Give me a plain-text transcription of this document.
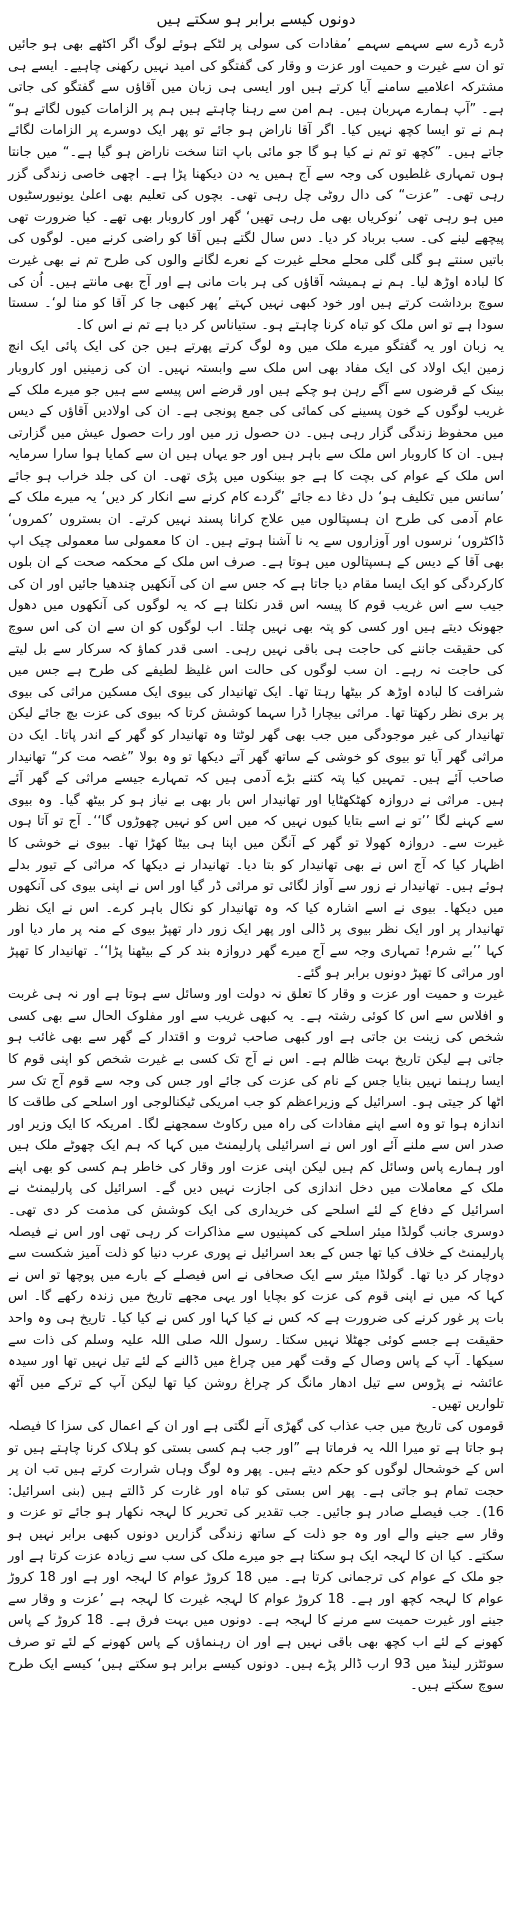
دونوں کیسے برابر ہو سکتے ہیں

ڈرے ڈرے سے سہمے سہمے ’مفادات کی سولی پر لٹکے ہوئے لوگ اگر اکٹھے بھی ہو جائیں تو ان سے غیرت و حمیت اور عزت و وقار کی گفتگو کی امید نہیں رکھنی چاہیے۔ ایسے ہی مشترکہ اعلامیے سامنے آیا کرتے ہیں اور ایسی ہی زبان میں آقاؤں سے گفتگو کی جاتی ہے۔ ”آپ ہمارے مہربان ہیں۔ ہم امن سے رہنا چاہتے ہیں ہم پر الزامات کیوں لگاتے ہو“ ہم نے تو ایسا کچھ نہیں کیا۔ اگر آقا ناراض ہو جائے تو پھر ایک دوسرے پر الزامات لگائے جاتے ہیں۔ ”کچھ تو تم نے کیا ہو گا جو مائی باپ اتنا سخت ناراض ہو گیا ہے۔“ میں جانتا ہوں تمہاری غلطیوں کی وجہ سے آج ہمیں یہ دن دیکھنا پڑا ہے۔ اچھی خاصی زندگی گزر رہی تھی۔ ”عزت“ کی دال روٹی چل رہی تھی۔ بچوں کی تعلیم بھی اعلیٰ یونیورسٹیوں میں ہو رہی تھی ’نوکریاں بھی مل رہی تھیں‘ گھر اور کاروبار بھی تھے۔ کیا ضرورت تھی پیچھے لینے کی۔ سب برباد کر دیا۔ دس سال لگتے ہیں آقا کو راضی کرنے میں۔ لوگوں کی باتیں سنتے ہو گلی گلی محلے محلے غیرت کے نعرے لگانے والوں کی طرح تم نے بھی غیرت کا لبادہ اوڑھ لیا۔ ہم نے ہمیشہ آقاؤں کی ہر بات مانی ہے اور آج بھی مانتے ہیں۔ اُن کی سوچ برداشت کرتے ہیں اور خود کبھی نہیں کہتے ’پھر کبھی جا کر آقا کو منا لو‘۔ سستا سودا ہے تو اس ملک کو تباہ کرنا چاہتے ہو۔ ستیاناس کر دیا ہے تم نے اس کا۔

یہ زبان اور یہ گفتگو میرے ملک میں وہ لوگ کرتے پھرتے ہیں جن کی ایک پائی ایک انچ زمین ایک اولاد کی ایک مفاد بھی اس ملک سے وابستہ نہیں۔ ان کی زمینیں اور کاروبار بینک کے قرضوں سے آگے رہن ہو چکے ہیں اور قرضے اس پیسے سے ہیں جو میرے ملک کے غریب لوگوں کے خون پسینے کی کمائی کی جمع پونجی ہے۔ ان کی اولادیں آقاؤں کے دیس میں محفوظ زندگی گزار رہی ہیں۔ دن حصول زر میں اور رات حصول عیش میں گزارتی ہیں۔ ان کا کاروبار اس ملک سے باہر ہیں اور جو یہاں ہیں ان سے کمایا ہوا سارا سرمایہ اس ملک کے عوام کی بچت کا ہے جو بینکوں میں پڑی تھی۔ ان کی جلد خراب ہو جائے ’سانس میں تکلیف ہو‘ دل دغا دے جائے ’گردے کام کرنے سے انکار کر دیں‘ یہ میرے ملک کے عام آدمی کی طرح ان ہسپتالوں میں علاج کرانا پسند نہیں کرتے۔ ان بستروں ’کمروں‘ ڈاکٹروں‘ نرسوں اور آوزاروں سے یہ نا آشنا ہوتے ہیں۔ ان کا معمولی سا معمولی چیک اپ بھی آقا کے دیس کے ہسپتالوں میں ہوتا ہے۔ صرف اس ملک کے محکمہ صحت کے ان بلوں کارکردگی کو ایک ایسا مقام دیا جاتا ہے کہ جس سے ان کی آنکھیں چندھیا جائیں اور ان کی جیب سے اس غریب قوم کا پیسہ اس قدر نکلتا ہے کہ یہ لوگوں کی آنکھوں میں دھول جھونک دیتے ہیں اور کسی کو پتہ بھی نہیں چلتا۔ اب لوگوں کو ان سے ان کی اس سوچ کی حقیقت جاننے کی حاجت ہی باقی نہیں رہی۔ اسی قدر کماؤ کہ سرکار سے بل لیتے کی حاجت نہ رہے۔ ان سب لوگوں کی حالت اس غلیظ لطیفے کی طرح ہے جس میں شرافت کا لبادہ اوڑھ کر بیٹھا رہتا تھا۔ ایک تھانیدار کی بیوی ایک مسکین مراثی کی بیوی پر بری نظر رکھتا تھا۔ مراثی بیچارا ڈرا سہما کوشش کرتا کہ بیوی کی عزت بچ جائے لیکن تھانیدار کی غیر موجودگی میں جب بھی گھر لوٹتا وہ تھانیدار کو گھر کے اندر پاتا۔ ایک دن مراثی گھر آیا تو بیوی کو خوشی کے ساتھ گھر آتے دیکھا تو وہ بولا ”غصہ مت کر“ تھانیدار صاحب آئے ہیں۔ تمہیں کیا پتہ کتنے بڑے آدمی ہیں کہ تمہارے جیسے مراثی کے گھر آئے ہیں۔ مراثی نے دروازہ کھٹکھٹایا اور تھانیدار اس بار بھی بے نیاز ہو کر بیٹھ گیا۔ وہ بیوی سے کہنے لگا ’’تو نے اسے بتایا کیوں نہیں کہ میں اس کو نہیں چھوڑوں گا‘‘۔ آج تو آتا ہوں غیرت سے۔ دروازہ کھولا تو گھر کے آنگن میں اپنا ہی بیٹا کھڑا تھا۔ بیوی نے خوشی کا اظہار کیا کہ آج اس نے بھی تھانیدار کو بتا دیا۔ تھانیدار نے دیکھا کہ مراثی کے تیور بدلے ہوئے ہیں۔ تھانیدار نے زور سے آواز لگائی تو مراثی ڈر گیا اور اس نے اپنی بیوی کی آنکھوں میں دیکھا۔ بیوی نے اسے اشارہ کیا کہ وہ تھانیدار کو نکال باہر کرے۔ اس نے ایک نظر تھانیدار پر اور ایک نظر بیوی پر ڈالی اور پھر ایک زور دار تھپڑ بیوی کے منہ پر مار دیا اور کہا ’’بے شرم! تمہاری وجہ سے آج میرے گھر دروازہ بند کر کے بیٹھنا پڑا‘‘۔ تھانیدار کا تھپڑ اور مراثی کا تھپڑ دونوں برابر ہو گئے۔

غیرت و حمیت اور عزت و وقار کا تعلق نہ دولت اور وسائل سے ہوتا ہے اور نہ ہی غربت و افلاس سے اس کا کوئی رشتہ ہے۔ یہ کبھی غریب سے اور مفلوک الحال سے بھی کسی شخص کی زینت بن جاتی ہے اور کبھی صاحب ثروت و اقتدار کے گھر سے بھی غائب ہو جاتی ہے لیکن تاریخ بہت ظالم ہے۔ اس نے آج تک کسی بے غیرت شخص کو اپنی قوم کا ایسا رہنما نہیں بنایا جس کے نام کی عزت کی جائے اور جس کی وجہ سے قوم آج تک سر اٹھا کر جیتی ہو۔ اسرائیل کے وزیراعظم کو جب امریکی ٹیکنالوجی اور اسلحے کی طاقت کا اندازہ ہوا تو وہ اسے اپنے مفادات کی راہ میں رکاوٹ سمجھنے لگا۔ امریکہ کا ایک وزیر اور صدر اس سے ملنے آئے اور اس نے اسرائیلی پارلیمنٹ میں کہا کہ ہم ایک چھوٹے ملک ہیں اور ہمارے پاس وسائل کم ہیں لیکن اپنی عزت اور وقار کی خاطر ہم کسی کو بھی اپنے ملک کے معاملات میں دخل اندازی کی اجازت نہیں دیں گے۔ اسرائیل کی پارلیمنٹ نے اسرائیل کے دفاع کے لئے اسلحے کی خریداری کی ایک کوشش کی مذمت کر دی تھی۔ دوسری جانب گولڈا میئر اسلحے کی کمپنیوں سے مذاکرات کر رہی تھی اور اس نے فیصلہ پارلیمنٹ کے خلاف کیا تھا جس کے بعد اسرائیل نے پوری عرب دنیا کو ذلت آمیز شکست سے دوچار کر دیا تھا۔ گولڈا میئر سے ایک صحافی نے اس فیصلے کے بارے میں پوچھا تو اس نے کہا کہ میں نے اپنی قوم کی عزت کو بچایا اور یہی مجھے تاریخ میں زندہ رکھے گا۔ اس بات پر غور کرنے کی ضرورت ہے کہ کس نے کیا کہا اور کس نے کیا کیا۔ تاریخ ہی وہ واحد حقیقت ہے جسے کوئی جھٹلا نہیں سکتا۔ رسول اللہ صلی اللہ علیہ وسلم کی ذات سے سیکھا۔ آپ کے پاس وصال کے وقت گھر میں چراغ میں ڈالنے کے لئے تیل نہیں تھا اور سیدہ عائشہ نے پڑوس سے تیل ادھار مانگ کر چراغ روشن کیا تھا لیکن آپ کے ترکے میں آٹھ تلواریں تھیں۔

قوموں کی تاریخ میں جب عذاب کی گھڑی آنے لگتی ہے اور ان کے اعمال کی سزا کا فیصلہ ہو جاتا ہے تو میرا اللہ یہ فرماتا ہے ”اور جب ہم کسی بستی کو ہلاک کرنا چاہتے ہیں تو اس کے خوشحال لوگوں کو حکم دیتے ہیں۔ پھر وہ لوگ وہاں شرارت کرتے ہیں تب ان پر حجت تمام ہو جاتی ہے۔ پھر اس بستی کو تباہ اور غارت کر ڈالتے ہیں (بنی اسرائیل: 16)۔ جب فیصلے صادر ہو جائیں۔ جب تقدیر کی تحریر کا لہجہ نکھار ہو جائے تو عزت و وقار سے جینے والے اور وہ جو ذلت کے ساتھ زندگی گزاریں دونوں کبھی برابر نہیں ہو سکتے۔ کیا ان کا لہجہ ایک ہو سکتا ہے جو میرے ملک کی سب سے زیادہ عزت کرتا ہے اور جو ملک کے عوام کی ترجمانی کرتا ہے۔ میں 18 کروڑ عوام کا لہجہ اور ہے اور 18 کروڑ عوام کا لہجہ کچھ اور ہے۔ 18 کروڑ عوام کا لہجہ غیرت کا لہجہ ہے ’عزت و وقار سے جینے اور غیرت حمیت سے مرنے کا لہجہ ہے۔ دونوں میں بہت فرق ہے۔ 18 کروڑ کے پاس کھونے کے لئے اب کچھ بھی باقی نہیں ہے اور ان رہنماؤں کے پاس کھونے کے لئے تو صرف سوئٹزر لینڈ میں 93 ارب ڈالر پڑے ہیں۔ دونوں کیسے برابر ہو سکتے ہیں‘ کیسے ایک طرح سوچ سکتے ہیں۔
